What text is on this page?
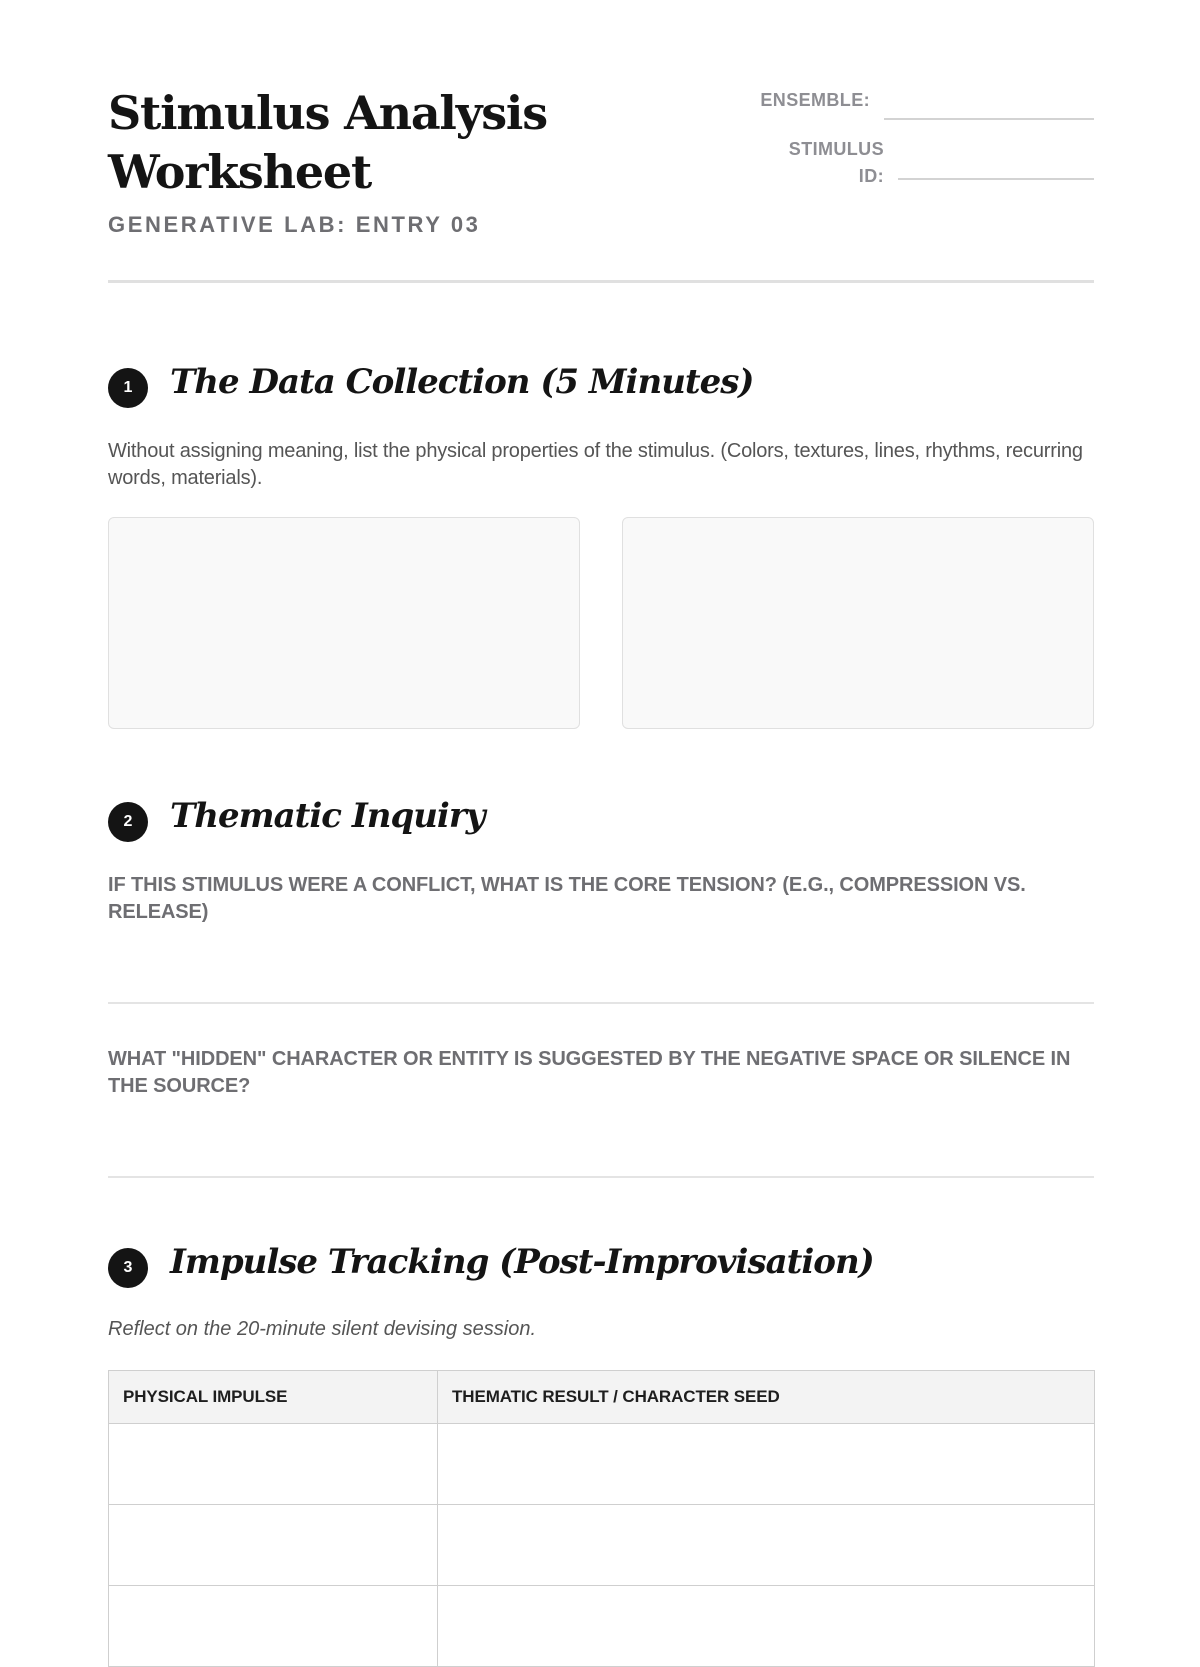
Stimulus Analysis
Worksheet
GENERATIVE LAB: ENTRY 03
ENSEMBLE:
STIMULUS
ID:
1	The Data Collection (5 Minutes)
Without assigning meaning, list the physical properties of the stimulus. (Colors, textures, lines, rhythms, recurring words, materials).
2	Thematic Inquiry
IF THIS STIMULUS WERE A CONFLICT, WHAT IS THE CORE TENSION? (E.G., COMPRESSION VS. RELEASE)
WHAT "HIDDEN" CHARACTER OR ENTITY IS SUGGESTED BY THE NEGATIVE SPACE OR SILENCE IN THE SOURCE?
3	Impulse Tracking (Post-Improvisation)
Reflect on the 20-minute silent devising session.
PHYSICAL IMPULSE	THEMATIC RESULT / CHARACTER SEED
